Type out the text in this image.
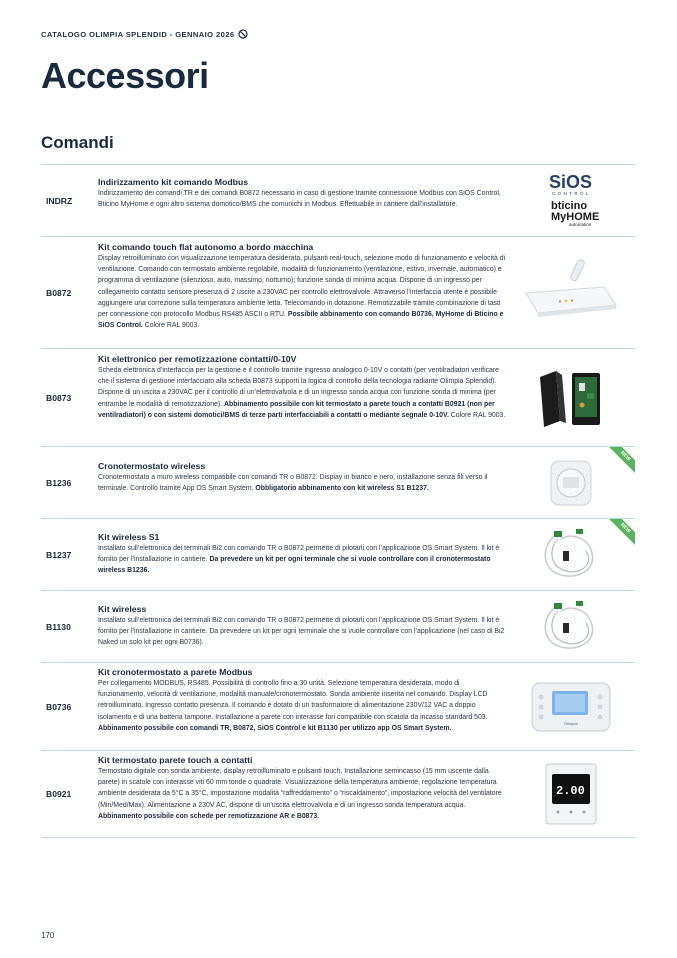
CATALOGO OLIMPIA SPLENDID - GENNAIO 2026
Accessori
Comandi
INDRZ
Indirizzamento kit comando Modbus
Indirizzamento dei comandi TR e dei comandi B0872 necessario in caso di gestione tramite connessione Modbus con SiOS Control, Bticino MyHome e ogni altro sistema domotico/BMS che comunichi in Modbus. Effettuabile in cantiere dall’installatore.
SiOS
CONTROL
bticino
MyHOME
automation
B0872
Kit comando touch flat autonomo a bordo macchina
Display retroilluminato con visualizzazione temperatura desiderata, pulsanti real-touch, selezione modo di funzionamento e velocità di ventilazione. Comando con termostato ambiente regolabile, modalità di funzionamento (ventilazione, estivo, invernale, automatico) e programma di ventilazione (silenzioso, auto, massimo, notturno); funzione sonda di minima acqua. Dispone di un ingresso per collegamento contatto sensore presenza di 2 uscite a 230VAC per controllo elettrovalvole. Attraverso l’interfaccia utente è possibile aggiungere una correzione sulla temperatura ambiente letta. Telecomando in dotazione. Remotizzabile tramite combinazione di tasti per connessione con protocollo Modbus RS485 ASCII o RTU. Possibile abbinamento con comando B0736, MyHome di Bticino e SiOS Control. Colore RAL 9003.
B0873
Kit elettronico per remotizzazione contatti/0-10V
Scheda elettronica d’interfaccia per la gestione e il controllo tramite ingresso analogico 0-10V o contatti (per ventilradiatori verificare che il sistema di gestione interfacciato alla scheda B0873 supporti la logica di controllo della tecnologia radiante Olimpia Splendid). Dispone di un uscita a 230VAC per il controllo di un’elettrovalvola e di un ingresso sonda acqua con funzione sonda di minima (per entrambe le modalità di remotizzazione). Abbinamento possibile con kit termostato a parete touch a contatti B0921 (non per ventilradiatori) o con sistemi domotici/BMS di terze parti interfacciabili a contatti o mediante segnale 0-10V. Colore RAL 9003.
B1236
Cronotermostato wireless
Cronotermostato a muro wireless compatibile con comandi TR o B0872. Display in bianco e nero, installazione senza fili verso il terminale. Controllo tramite App OS Smart System. Obbligatorio abbinamento con kit wireless S1 B1237.
NEW
B1237
Kit wireless S1
Installato sull’elettronica dei terminali Bi2 con comando TR o B0872 permette di pilotarli con l’applicazione OS Smart System. Il kit è fornito per l’installazione in cantiere. Da prevedere un kit per ogni terminale che si vuole controllare con il cronotermostato wireless B1236.
NEW
B1130
Kit wireless
Installato sull’elettronica dei terminali Bi2 con comando TR o B0872 permette di pilotarli con l’applicazione OS Smart System. Il kit è fornito per l’installazione in cantiere. Da prevedere un kit per ogni terminale che si vuole controllare con l’applicazione (nel caso di Bi2 Naked un solo kit per ogni B0736).
B0736
Kit cronotermostato a parete Modbus
Per collegamento MODBUS, RS485. Possibilità di controllo fino a 30 unità. Selezione temperatura desiderata, modo di funzionamento, velocità di ventilazione, modalità manuale/cronotermostato. Sonda ambiente inserita nel comando. Display LCD retroilluminato. Ingresso contatto presenza. Il comando è dotato di un trasformatore di alimentazione 230V/12 VAC a doppio isolamento e di una batteria tampone. Installazione a parete con interasse fori compatibile con scatola da incasso standard 503. Abbinamento possibile con comandi TR, B0872, SiOS Control e kit B1130 per utilizzo app OS Smart System.
Olimpia
B0921
Kit termostato parete touch a contatti
Termostato digitale con sonda ambiente, display retroilluminato e pulsanti touch. Installazione semincasso (15 mm uscente dalla parete) in scatole con interasse viti 60 mm tonde o quadrate. Visualizzazione della temperatura ambiente, regolazione temperatura ambiente desiderata da 5°C a 35°C, impostazione modalità “raffreddamento” o “riscaldamento”, impostazione velocità del ventilatore (Min/Med/Max). Alimentazione a 230V AC, dispone di un’uscita elettrovalvola e di un ingresso sonda temperatura acqua. Abbinamento possibile con schede per remotizzazione AR e B0873.
2.00
170
